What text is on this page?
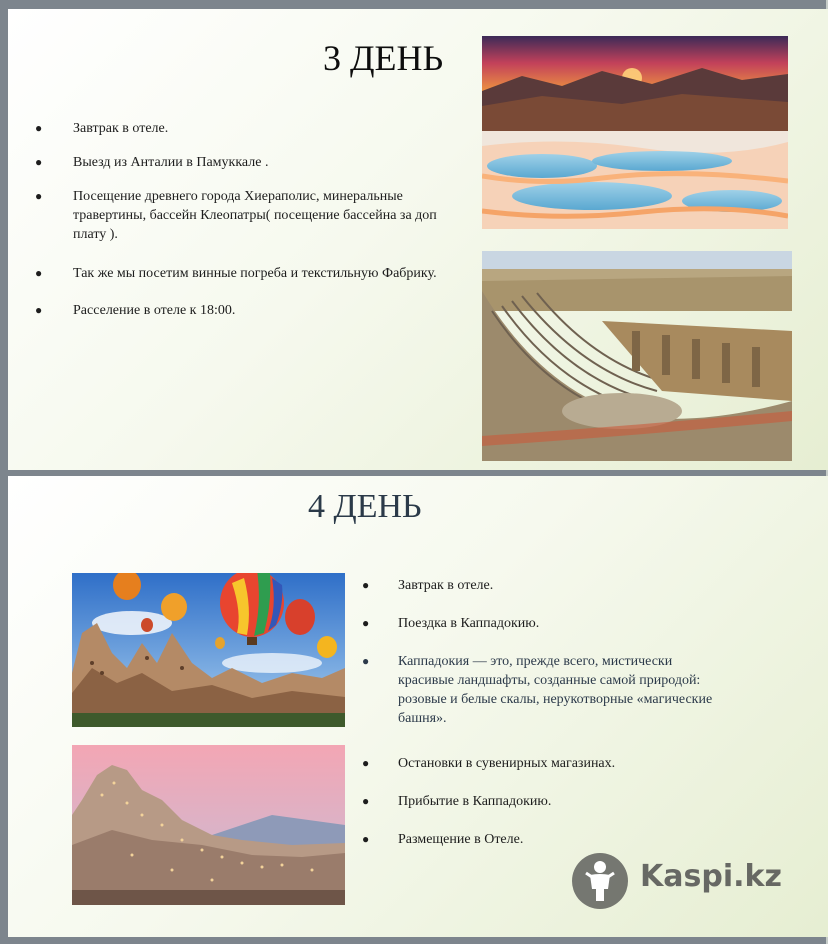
3 ДЕНЬ
● Завтрак в отеле.
● Выезд из Анталии в Памуккале .
● Посещение древнего города Хиераполис, минеральные травертины, бассейн Клеопатры( посещение бассейна за доп плату ).
● Так же мы посетим винные погреба и текстильную Фабрику.
● Расселение в отеле к 18:00.
4 ДЕНЬ
● Завтрак в отеле.
● Поездка в Каппадокию.
● Каппадокия — это, прежде всего, мистически красивые ландшафты, созданные самой природой: розовые и белые скалы, нерукотворные «магические башня».
● Остановки в сувенирных магазинах.
● Прибытие в Каппадокию.
● Размещение в Отеле.
Kaspi.kz
